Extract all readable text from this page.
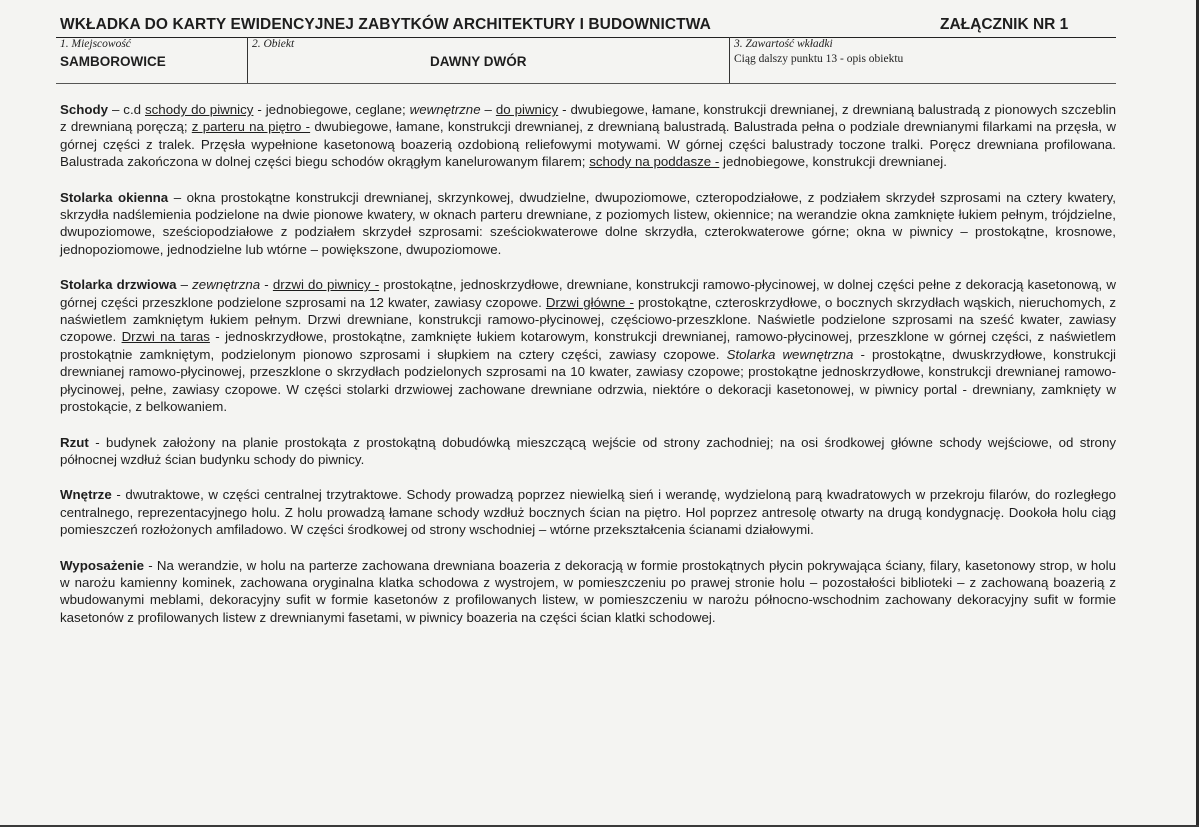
WKŁADKA DO KARTY EWIDENCYJNEJ ZABYTKÓW ARCHITEKTURY I BUDOWNICTWA	ZAŁĄCZNIK NR 1
1. Miejscowość
SAMBOROWICE
2. Obiekt
DAWNY DWÓR
3. Zawartość wkładki
Ciąg dalszy punktu 13 - opis obiektu

Schody – c.d schody do piwnicy - jednobiegowe, ceglane; wewnętrzne – do piwnicy - dwubiegowe, łamane, konstrukcji drewnianej, z drewnianą balustradą z pionowych szczeblin z drewnianą poręczą; z parteru na piętro - dwubiegowe, łamane, konstrukcji drewnianej, z drewnianą balustradą. Balustrada pełna o podziale drewnianymi filarkami na przęsła, w górnej części z tralek. Przęsła wypełnione kasetonową boazerią ozdobioną reliefowymi motywami. W górnej części balustrady toczone tralki. Poręcz drewniana profilowana. Balustrada zakończona w dolnej części biegu schodów okrągłym kanelurowanym filarem; schody na poddasze - jednobiegowe, konstrukcji drewnianej.

Stolarka okienna – okna prostokątne konstrukcji drewnianej, skrzynkowej, dwudzielne, dwupoziomowe, czteropodziałowe, z podziałem skrzydeł szprosami na cztery kwatery, skrzydła nadślemienia podzielone na dwie pionowe kwatery, w oknach parteru drewniane, z poziomych listew, okiennice; na werandzie okna zamknięte łukiem pełnym, trójdzielne, dwupoziomowe, sześciopodziałowe z podziałem skrzydeł szprosami: sześciokwaterowe dolne skrzydła, czterokwaterowe górne; okna w piwnicy – prostokątne, krosnowe, jednopoziomowe, jednodzielne lub wtórne – powiększone, dwupoziomowe.

Stolarka drzwiowa – zewnętrzna - drzwi do piwnicy - prostokątne, jednoskrzydłowe, drewniane, konstrukcji ramowo-płycinowej, w dolnej części pełne z dekoracją kasetonową, w górnej części przeszklone podzielone szprosami na 12 kwater, zawiasy czopowe. Drzwi główne - prostokątne, czteroskrzydłowe, o bocznych skrzydłach wąskich, nieruchomych, z naświetlem zamkniętym łukiem pełnym. Drzwi drewniane, konstrukcji ramowo-płycinowej, częściowo-przeszklone. Naświetle podzielone szprosami na sześć kwater, zawiasy czopowe. Drzwi na taras - jednoskrzydłowe, prostokątne, zamknięte łukiem kotarowym, konstrukcji drewnianej, ramowo-płycinowej, przeszklone w górnej części, z naświetlem prostokątnie zamkniętym, podzielonym pionowo szprosami i słupkiem na cztery części, zawiasy czopowe. Stolarka wewnętrzna - prostokątne, dwuskrzydłowe, konstrukcji drewnianej ramowo-płycinowej, przeszklone o skrzydłach podzielonych szprosami na 10 kwater, zawiasy czopowe; prostokątne jednoskrzydłowe, konstrukcji drewnianej ramowo-płycinowej, pełne, zawiasy czopowe. W części stolarki drzwiowej zachowane drewniane odrzwia, niektóre o dekoracji kasetonowej, w piwnicy portal - drewniany, zamknięty w prostokącie, z belkowaniem.

Rzut - budynek założony na planie prostokąta z prostokątną dobudówką mieszczącą wejście od strony zachodniej; na osi środkowej główne schody wejściowe, od strony północnej wzdłuż ścian budynku schody do piwnicy.

Wnętrze - dwutraktowe, w części centralnej trzytraktowe. Schody prowadzą poprzez niewielką sień i werandę, wydzieloną parą kwadratowych w przekroju filarów, do rozległego centralnego, reprezentacyjnego holu. Z holu prowadzą łamane schody wzdłuż bocznych ścian na piętro. Hol poprzez antresolę otwarty na drugą kondygnację. Dookoła holu ciąg pomieszczeń rozłożonych amfiladowo. W części środkowej od strony wschodniej – wtórne przekształcenia ścianami działowymi.

Wyposażenie - Na werandzie, w holu na parterze zachowana drewniana boazeria z dekoracją w formie prostokątnych płycin pokrywająca ściany, filary, kasetonowy strop, w holu w narożu kamienny kominek, zachowana oryginalna klatka schodowa z wystrojem, w pomieszczeniu po prawej stronie holu – pozostałości biblioteki – z zachowaną boazerią z wbudowanymi meblami, dekoracyjny sufit w formie kasetonów z profilowanych listew, w pomieszczeniu w narożu północno-wschodnim zachowany dekoracyjny sufit w formie kasetonów z profilowanych listew z drewnianymi fasetami, w piwnicy boazeria na części ścian klatki schodowej.
